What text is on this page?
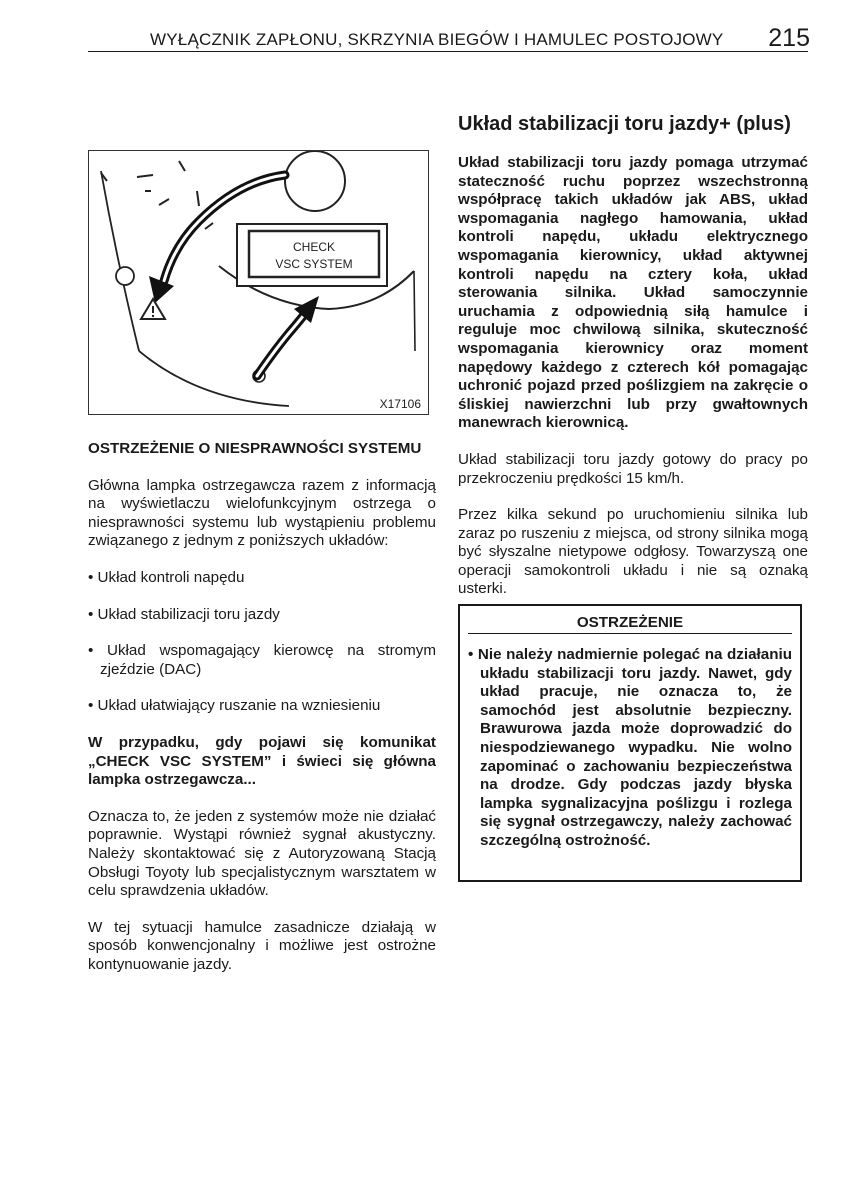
WYŁĄCZNIK ZAPŁONU, SKRZYNIA BIEGÓW I HAMULEC POSTOJOWY	215
CHECK
VSC SYSTEM
X17106
OSTRZEŻENIE O NIESPRAWNOŚCI SYSTEMU

Główna lampka ostrzegawcza razem z informacją na wyświetlaczu wielofunkcyjnym ostrzega o niesprawności systemu lub wystąpieniu problemu związanego z jednym z poniższych układów:

• Układ kontroli napędu
• Układ stabilizacji toru jazdy
• Układ wspomagający kierowcę na stromym zjeździe (DAC)
• Układ ułatwiający ruszanie na wzniesieniu

W przypadku, gdy pojawi się komunikat „CHECK VSC SYSTEM” i świeci się główna lampka ostrzegawcza...

Oznacza to, że jeden z systemów może nie działać poprawnie. Wystąpi również sygnał akustyczny. Należy skontaktować się z Autoryzowaną Stacją Obsługi Toyoty lub specjalistycznym warsztatem w celu sprawdzenia układów.

W tej sytuacji hamulce zasadnicze działają w sposób konwencjonalny i możliwe jest ostrożne kontynuowanie jazdy.

Układ stabilizacji toru jazdy+ (plus)

Układ stabilizacji toru jazdy pomaga utrzymać stateczność ruchu poprzez wszechstronną współpracę takich układów jak ABS, układ wspomagania nagłego hamowania, układ kontroli napędu, układu elektrycznego wspomagania kierownicy, układ aktywnej kontroli napędu na cztery koła, układ sterowania silnika. Układ samoczynnie uruchamia z odpowiednią siłą hamulce i reguluje moc chwilową silnika, skuteczność wspomagania kierownicy oraz moment napędowy każdego z czterech kół pomagając uchronić pojazd przed poślizgiem na zakręcie o śliskiej nawierzchni lub przy gwałtownych manewrach kierownicą.

Układ stabilizacji toru jazdy gotowy do pracy po przekroczeniu prędkości 15 km/h.

Przez kilka sekund po uruchomieniu silnika lub zaraz po ruszeniu z miejsca, od strony silnika mogą być słyszalne nietypowe odgłosy. Towarzyszą one operacji samokontroli układu i nie są oznaką usterki.

OSTRZEŻENIE
• Nie należy nadmiernie polegać na działaniu układu stabilizacji toru jazdy. Nawet, gdy układ pracuje, nie oznacza to, że samochód jest absolutnie bezpieczny. Brawurowa jazda może doprowadzić do niespodziewanego wypadku. Nie wolno zapominać o zachowaniu bezpieczeństwa na drodze. Gdy podczas jazdy błyska lampka sygnalizacyjna poślizgu i rozlega się sygnał ostrzegawczy, należy zachować szczególną ostrożność.
